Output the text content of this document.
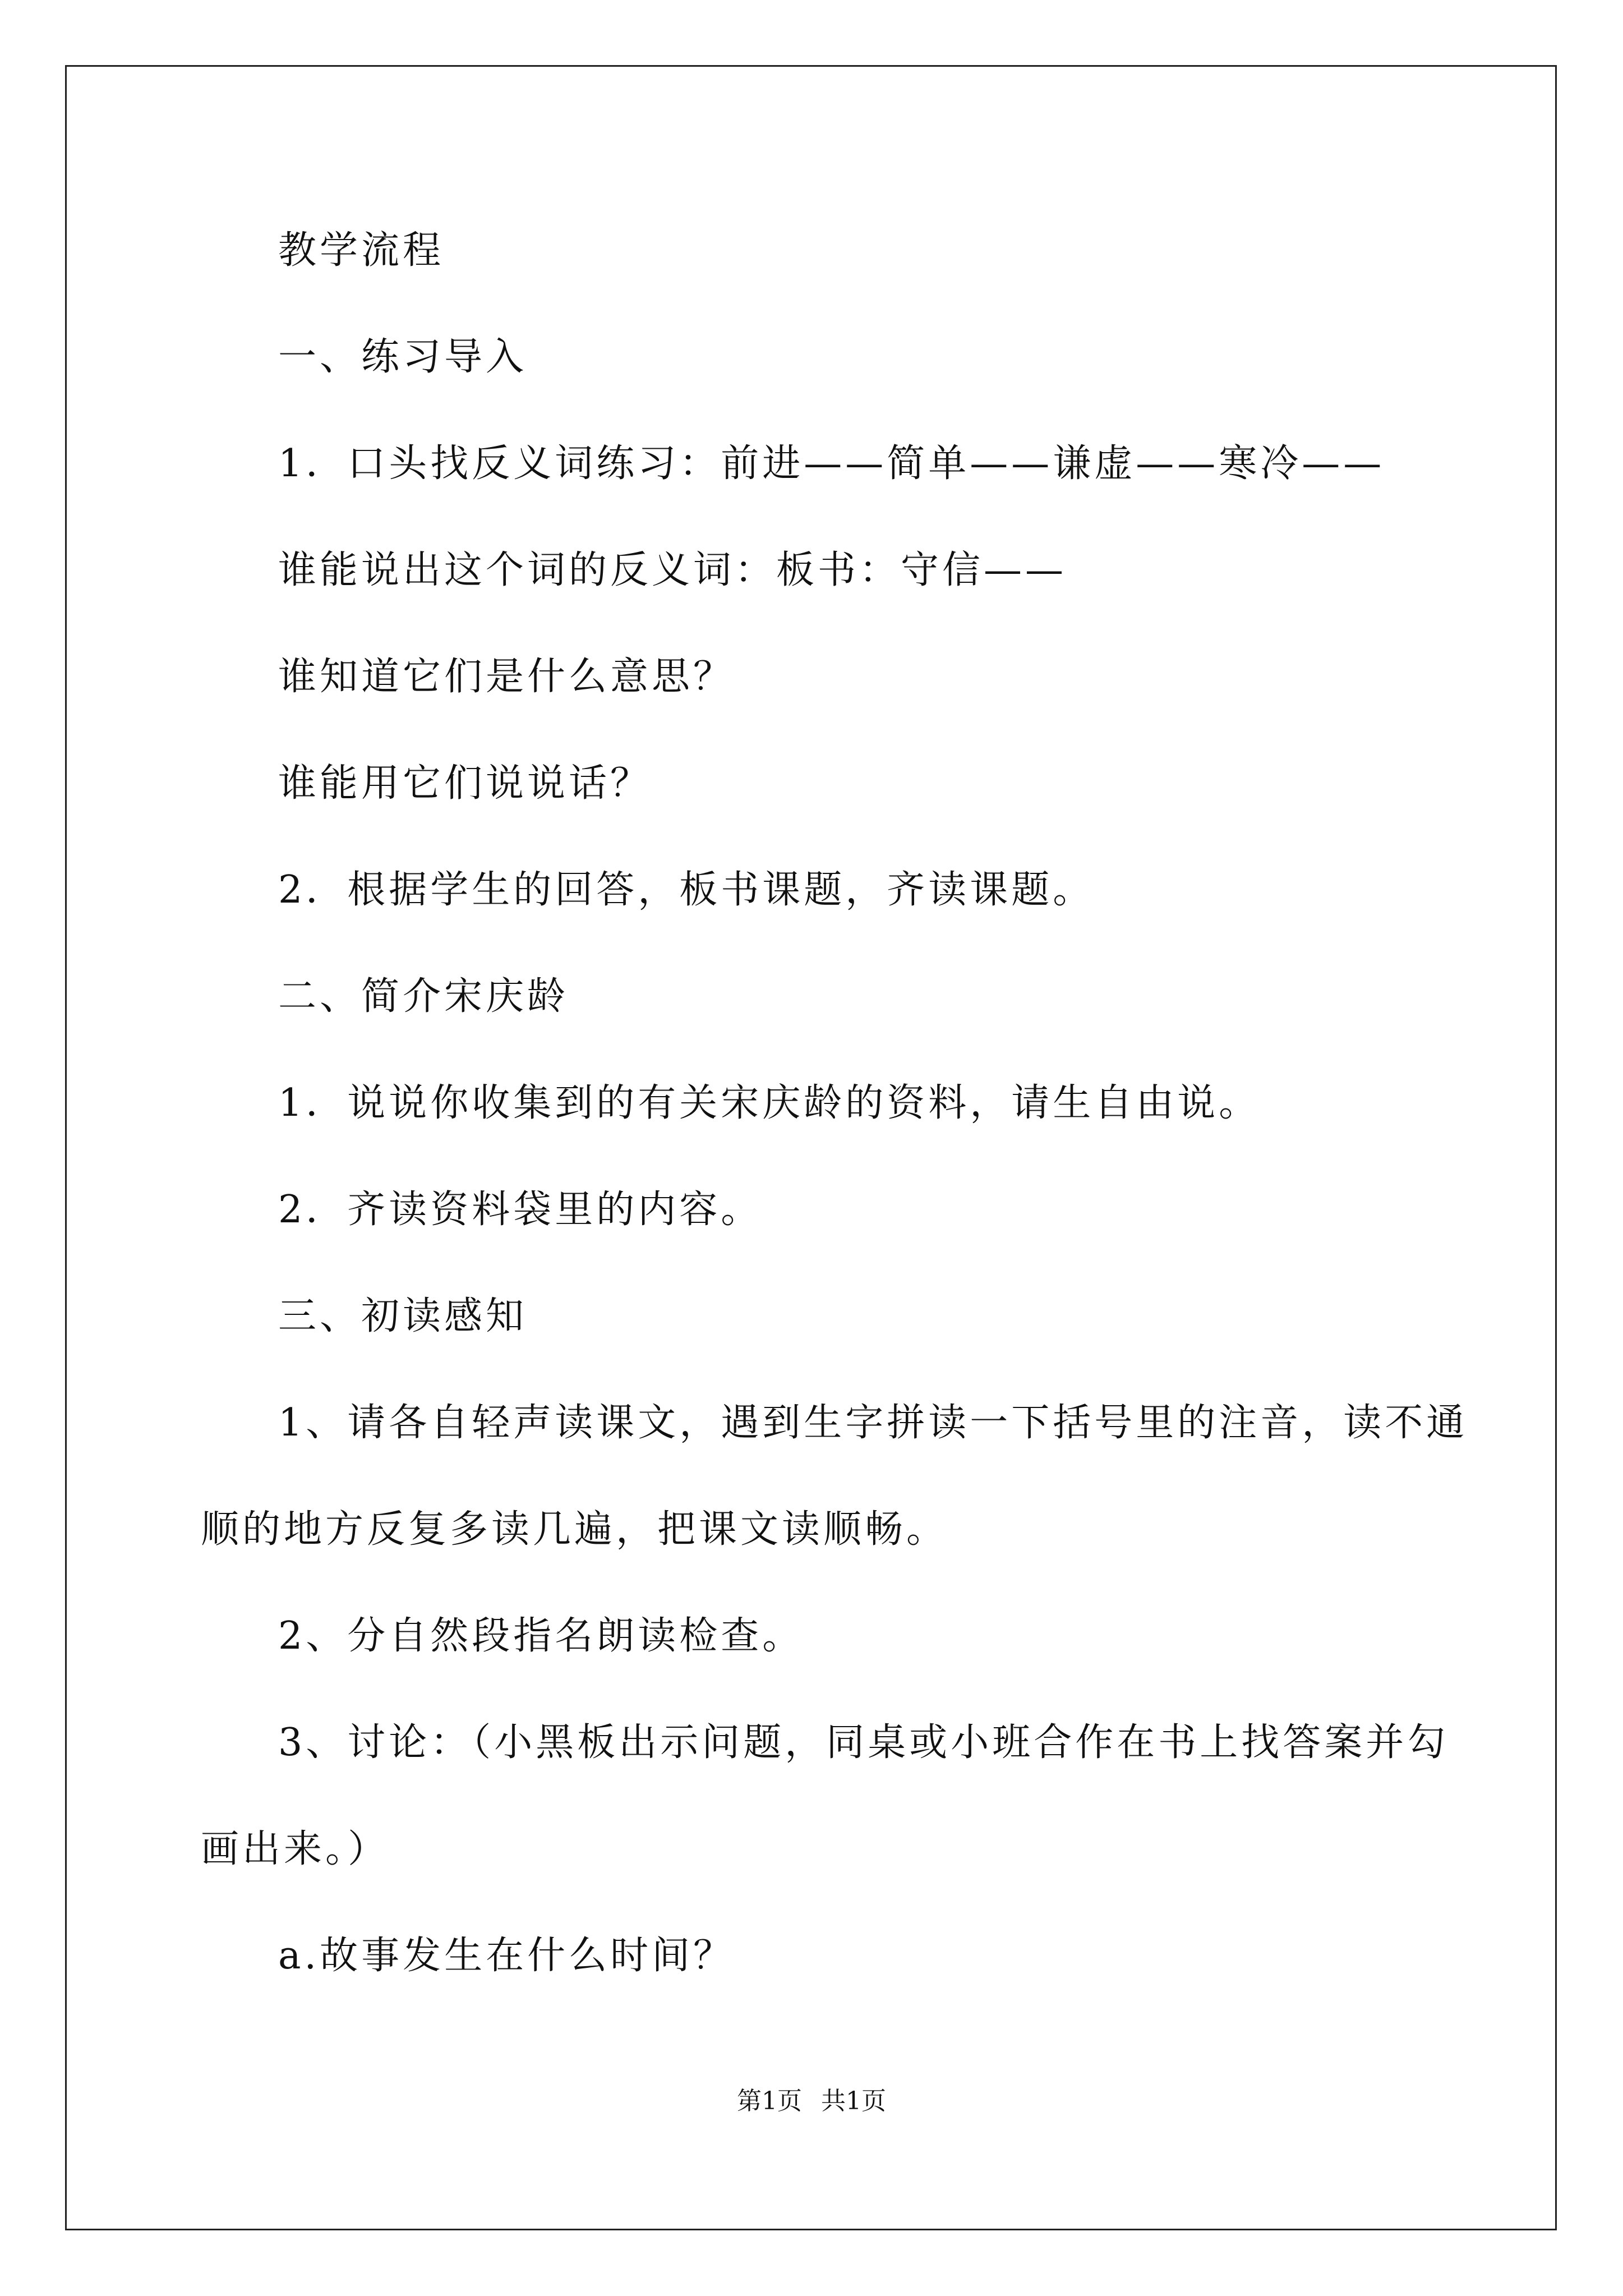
教学流程
一、练习导入
1．口头找反义词练习：前进——简单——谦虚——寒冷——
谁能说出这个词的反义词：板书：守信——
谁知道它们是什么意思？
谁能用它们说说话？
2．根据学生的回答，板书课题，齐读课题。
二、简介宋庆龄
1．说说你收集到的有关宋庆龄的资料，请生自由说。
2．齐读资料袋里的内容。
三、初读感知
1、请各自轻声读课文，遇到生字拼读一下括号里的注音，读不通
顺的地方反复多读几遍，把课文读顺畅。
2、分自然段指名朗读检查。
3、讨论：（小黑板出示问题，同桌或小班合作在书上找答案并勾
画出来。）
a.故事发生在什么时间？
第1页 共1页
